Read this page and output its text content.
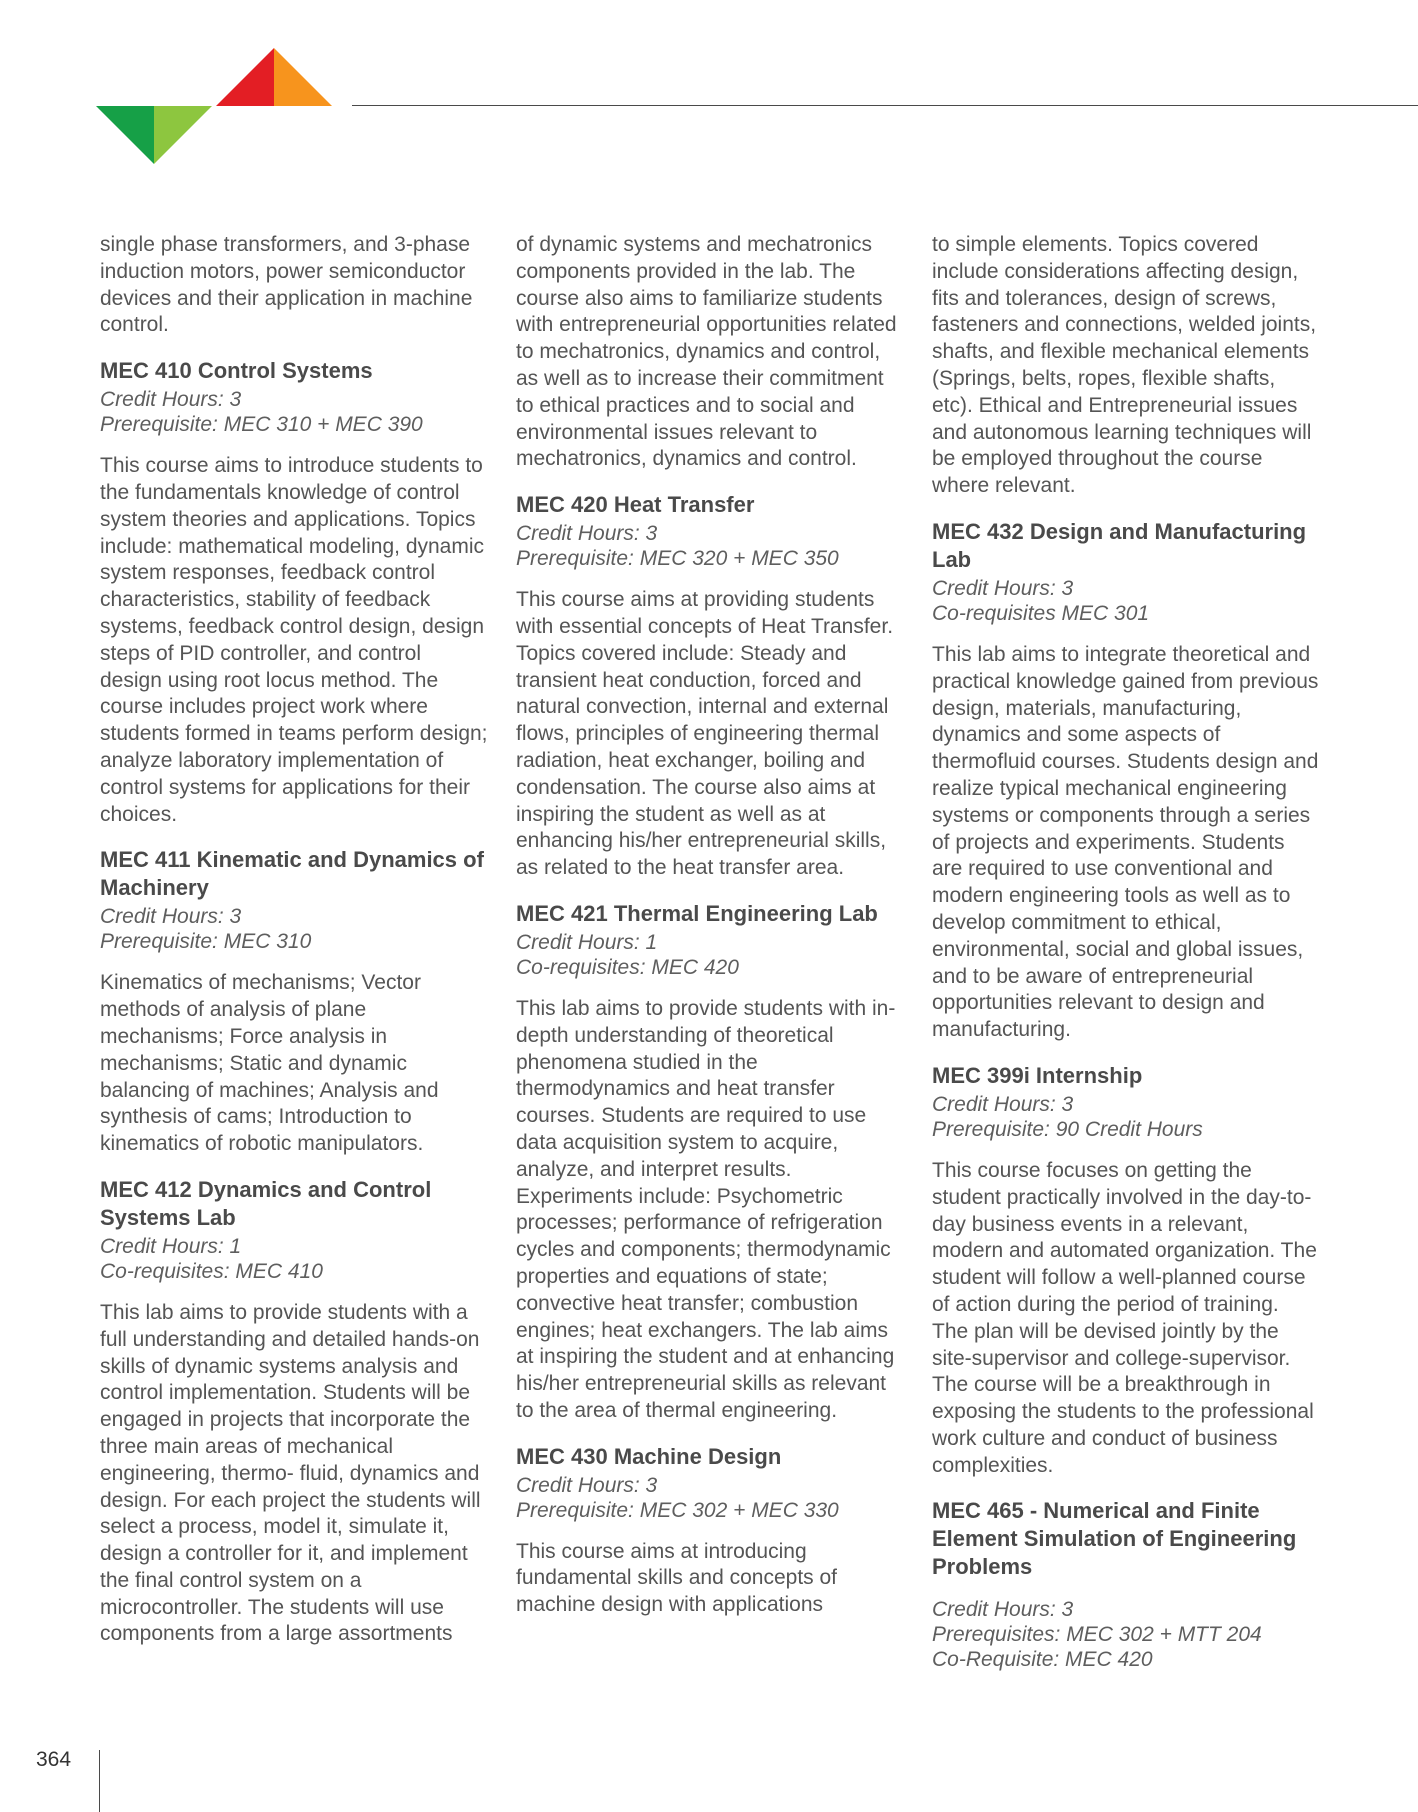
single phase transformers, and 3-phase induction motors, power semiconductor devices and their application in machine control.

MEC 410 Control Systems

Credit Hours: 3

Prerequisite: MEC 310 + MEC 390

This course aims to introduce students to the fundamentals knowledge of control system theories and applications. Topics include: mathematical modeling, dynamic system responses, feedback control characteristics, stability of feedback systems, feedback control design, design steps of PID controller, and control design using root locus method. The course includes project work where students formed in teams perform design; analyze laboratory implementation of control systems for applications for their choices.

MEC 411 Kinematic and Dynamics of Machinery

Credit Hours: 3

Prerequisite: MEC 310

Kinematics of mechanisms; Vector methods of analysis of plane mechanisms; Force analysis in mechanisms; Static and dynamic balancing of machines; Analysis and synthesis of cams; Introduction to kinematics of robotic manipulators.

MEC 412 Dynamics and Control Systems Lab

Credit Hours: 1

Co-requisites: MEC 410

This lab aims to provide students with a full understanding and detailed hands-on skills of dynamic systems analysis and control implementation. Students will be engaged in projects that incorporate the three main areas of mechanical engineering, thermo- fluid, dynamics and design. For each project the students will select a process, model it, simulate it, design a controller for it, and implement the final control system on a microcontroller. The students will use components from a large assortments

of dynamic systems and mechatronics components provided in the lab. The course also aims to familiarize students with entrepreneurial opportunities related to mechatronics, dynamics and control, as well as to increase their commitment to ethical practices and to social and environmental issues relevant to mechatronics, dynamics and control.

MEC 420 Heat Transfer

Credit Hours: 3

Prerequisite: MEC 320 + MEC 350

This course aims at providing students with essential concepts of Heat Transfer. Topics covered include: Steady and transient heat conduction, forced and natural convection, internal and external flows, principles of engineering thermal radiation, heat exchanger, boiling and condensation. The course also aims at inspiring the student as well as at enhancing his/her entrepreneurial skills, as related to the heat transfer area.

MEC 421 Thermal Engineering Lab

Credit Hours: 1

Co-requisites: MEC 420

This lab aims to provide students with in-depth understanding of theoretical phenomena studied in the thermodynamics and heat transfer courses. Students are required to use data acquisition system to acquire, analyze, and interpret results. Experiments include: Psychometric processes; performance of refrigeration cycles and components; thermodynamic properties and equations of state; convective heat transfer; combustion engines; heat exchangers. The lab aims at inspiring the student and at enhancing his/her entrepreneurial skills as relevant to the area of thermal engineering.

MEC 430 Machine Design

Credit Hours: 3

Prerequisite: MEC 302 + MEC 330

This course aims at introducing fundamental skills and concepts of machine design with applications

to simple elements. Topics covered include considerations affecting design, fits and tolerances, design of screws, fasteners and connections, welded joints, shafts, and flexible mechanical elements (Springs, belts, ropes, flexible shafts, etc). Ethical and Entrepreneurial issues and autonomous learning techniques will be employed throughout the course where relevant.

MEC 432 Design and Manufacturing Lab

Credit Hours: 3

Co-requisites MEC 301

This lab aims to integrate theoretical and practical knowledge gained from previous design, materials, manufacturing, dynamics and some aspects of thermofluid courses. Students design and realize typical mechanical engineering systems or components through a series of projects and experiments. Students are required to use conventional and modern engineering tools as well as to develop commitment to ethical, environmental, social and global issues, and to be aware of entrepreneurial opportunities relevant to design and manufacturing.

MEC 399i Internship

Credit Hours: 3

Prerequisite: 90 Credit Hours

This course focuses on getting the student practically involved in the day-to-day business events in a relevant, modern and automated organization. The student will follow a well-planned course of action during the period of training. The plan will be devised jointly by the site-supervisor and college-supervisor. The course will be a breakthrough in exposing the students to the professional work culture and conduct of business complexities.

MEC 465 - Numerical and Finite Element Simulation of Engineering Problems

Credit Hours: 3

Prerequisites: MEC 302 + MTT 204

Co-Requisite: MEC 420

364
